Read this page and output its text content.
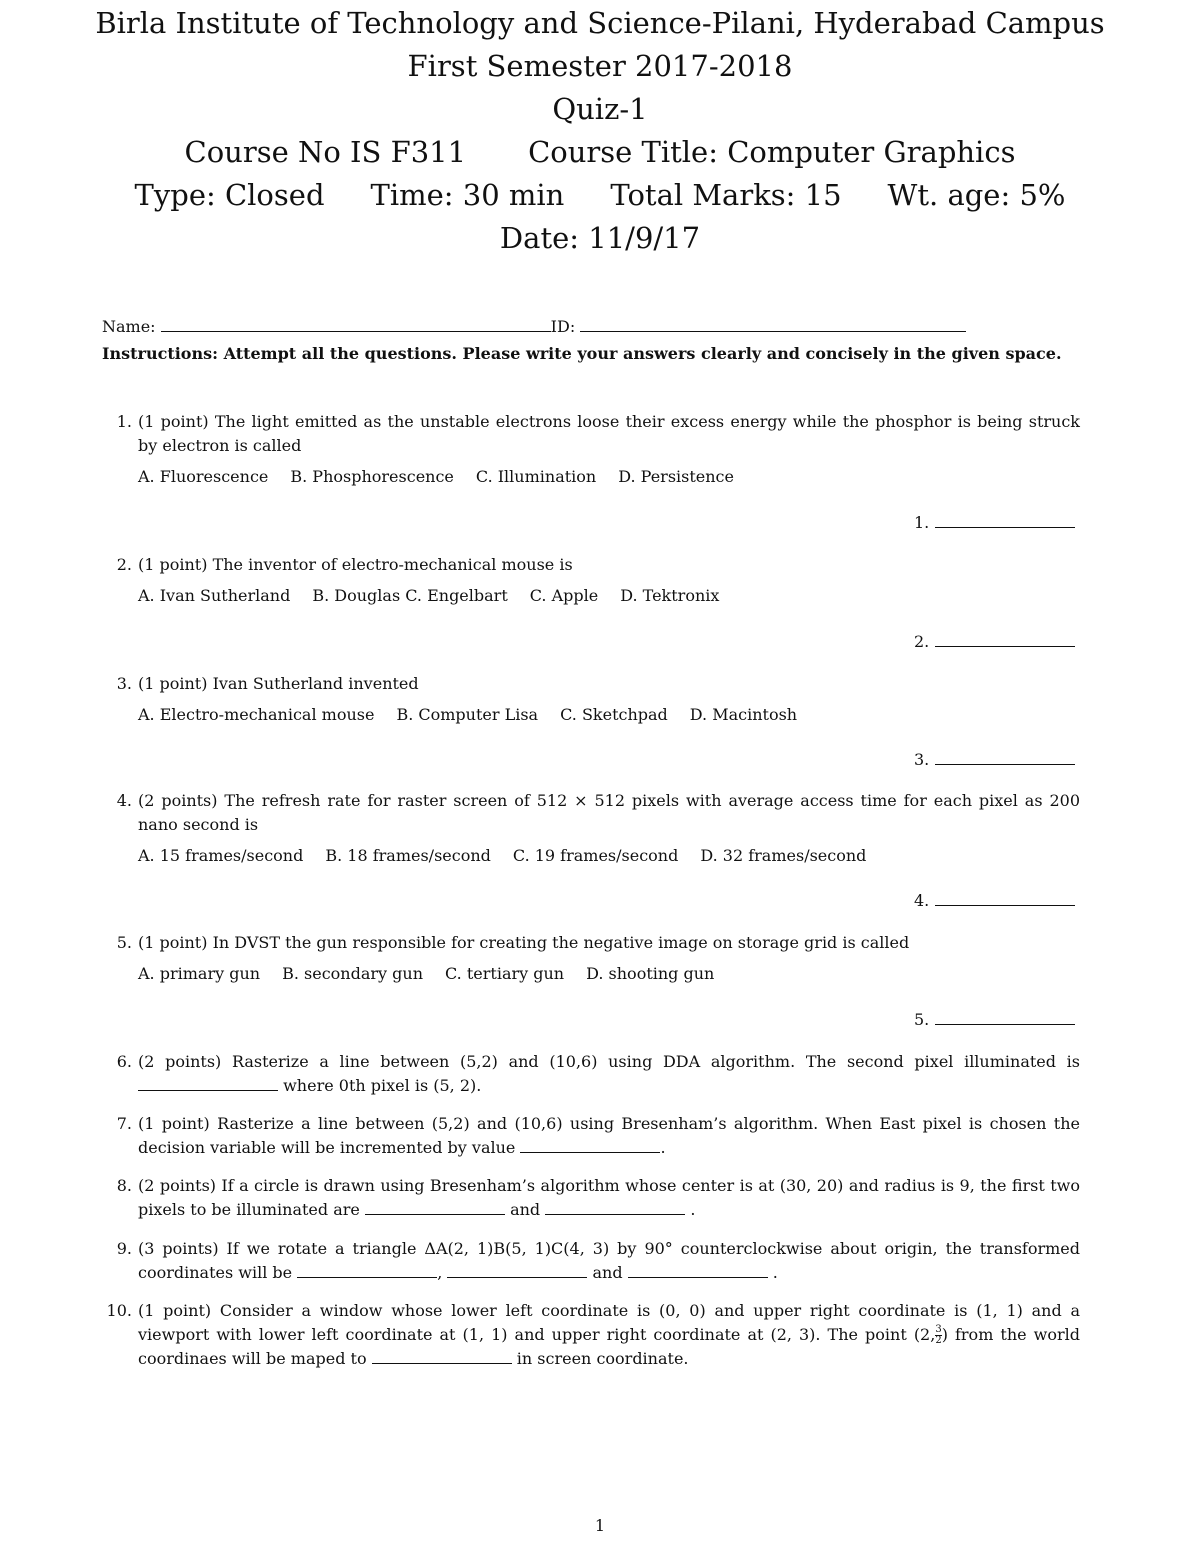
Birla Institute of Technology and Science-Pilani, Hyderabad Campus
First Semester 2017-2018
Quiz-1
Course No IS F311 Course Title: Computer Graphics
Type: Closed Time: 30 min Total Marks: 15 Wt. age: 5%
Date: 11/9/17
Name:	ID:
Instructions: Attempt all the questions. Please write your answers clearly and concisely in the given space.
1. (1 point) The light emitted as the unstable electrons loose their excess energy while the phosphor is being struck by electron is called
A. Fluorescence B. Phosphorescence C. Illumination D. Persistence
1.
2. (1 point) The inventor of electro-mechanical mouse is
A. Ivan Sutherland B. Douglas C. Engelbart C. Apple D. Tektronix
2.
3. (1 point) Ivan Sutherland invented
A. Electro-mechanical mouse B. Computer Lisa C. Sketchpad D. Macintosh
3.
4. (2 points) The refresh rate for raster screen of 512 × 512 pixels with average access time for each pixel as 200 nano second is
A. 15 frames/second B. 18 frames/second C. 19 frames/second D. 32 frames/second
4.
5. (1 point) In DVST the gun responsible for creating the negative image on storage grid is called
A. primary gun B. secondary gun C. tertiary gun D. shooting gun
5.
6. (2 points) Rasterize a line between (5,2) and (10,6) using DDA algorithm. The second pixel illuminated is  where 0th pixel is (5, 2).
7. (1 point) Rasterize a line between (5,2) and (10,6) using Bresenham’s algorithm. When East pixel is chosen the decision variable will be incremented by value	.
8. (2 points) If a circle is drawn using Bresenham’s algorithm whose center is at (30, 20) and radius is 9, the first two pixels to be illuminated are	and	.
9. (3 points) If we rotate a triangle ΔA(2, 1)B(5, 1)C(4, 3) by 90° counterclockwise about origin, the transformed coordinates will be	,	and	.
10. (1 point) Consider a window whose lower left coordinate is (0, 0) and upper right coordinate is (1, 1) and a viewport with lower left coordinate at (1, 1) and upper right coordinate at (2, 3). The point (2, $\frac{3}{2}$ ) from the world coordinaes will be maped to	in screen coordinate.
1
